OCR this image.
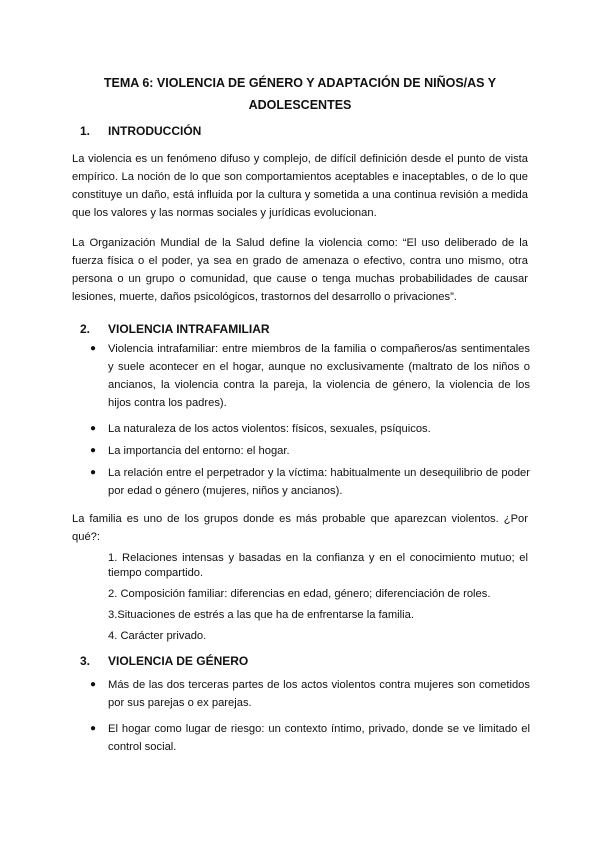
TEMA 6: VIOLENCIA DE GÉNERO Y ADAPTACIÓN DE NIÑOS/AS Y ADOLESCENTES
1. INTRODUCCIÓN
La violencia es un fenómeno difuso y complejo, de difícil definición desde el punto de vista empírico. La noción de lo que son comportamientos aceptables e inaceptables, o de lo que constituye un daño, está influida por la cultura y sometida a una continua revisión a medida que los valores y las normas sociales y jurídicas evolucionan.
La Organización Mundial de la Salud define la violencia como: “El uso deliberado de la fuerza física o el poder, ya sea en grado de amenaza o efectivo, contra uno mismo, otra persona o un grupo o comunidad, que cause o tenga muchas probabilidades de causar lesiones, muerte, daños psicológicos, trastornos del desarrollo o privaciones”.
2. VIOLENCIA INTRAFAMILIAR
● Violencia intrafamiliar: entre miembros de la familia o compañeros/as sentimentales y suele acontecer en el hogar, aunque no exclusivamente (maltrato de los niños o ancianos, la violencia contra la pareja, la violencia de género, la violencia de los hijos contra los padres).
● La naturaleza de los actos violentos: físicos, sexuales, psíquicos.
● La importancia del entorno: el hogar.
● La relación entre el perpetrador y la víctima: habitualmente un desequilibrio de poder por edad o género (mujeres, niños y ancianos).
La familia es uno de los grupos donde es más probable que aparezcan violentos. ¿Por qué?:
1. Relaciones intensas y basadas en la confianza y en el conocimiento mutuo; el tiempo compartido.
2. Composición familiar: diferencias en edad, género; diferenciación de roles.
3.Situaciones de estrés a las que ha de enfrentarse la familia.
4. Carácter privado.
3. VIOLENCIA DE GÉNERO
● Más de las dos terceras partes de los actos violentos contra mujeres son cometidos por sus parejas o ex parejas.
● El hogar como lugar de riesgo: un contexto íntimo, privado, donde se ve limitado el control social.
